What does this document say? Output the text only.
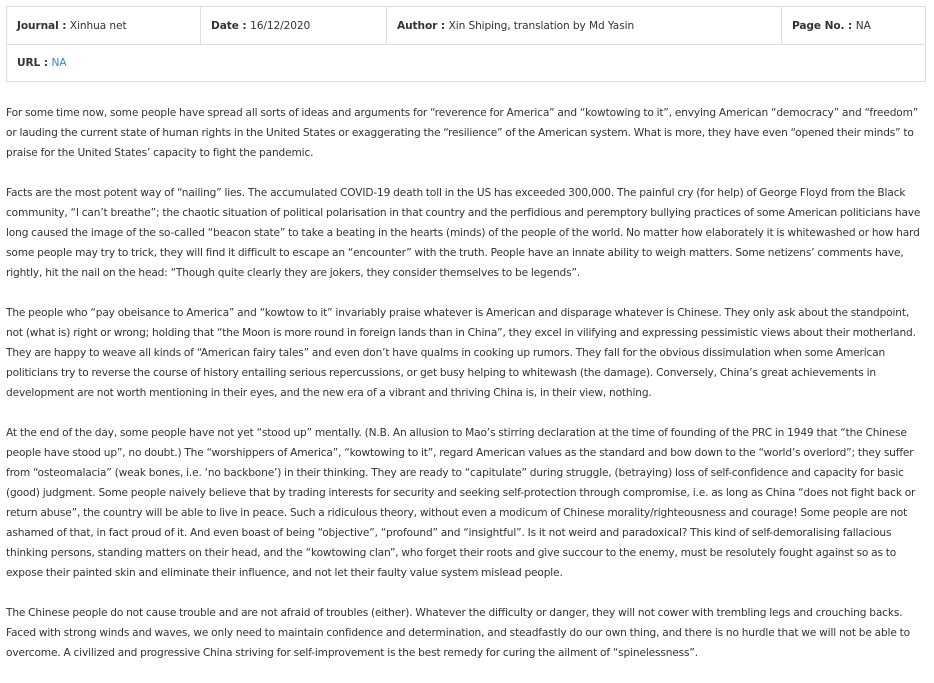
Journal : Xinhua net	Date : 16/12/2020	Author : Xin Shiping, translation by Md Yasin	Page No. : NA
URL : NA

For some time now, some people have spread all sorts of ideas and arguments for “reverence for America” and “kowtowing to it”, envying American “democracy” and “freedom” or lauding the current state of human rights in the United States or exaggerating the “resilience” of the American system. What is more, they have even “opened their minds” to praise for the United States’ capacity to fight the pandemic.

Facts are the most potent way of “nailing” lies. The accumulated COVID-19 death toll in the US has exceeded 300,000. The painful cry (for help) of George Floyd from the Black community, “I can’t breathe”; the chaotic situation of political polarisation in that country and the perfidious and peremptory bullying practices of some American politicians have long caused the image of the so-called “beacon state” to take a beating in the hearts (minds) of the people of the world. No matter how elaborately it is whitewashed or how hard some people may try to trick, they will find it difficult to escape an “encounter” with the truth. People have an innate ability to weigh matters. Some netizens’ comments have, rightly, hit the nail on the head: “Though quite clearly they are jokers, they consider themselves to be legends”.

The people who “pay obeisance to America” and “kowtow to it” invariably praise whatever is American and disparage whatever is Chinese. They only ask about the standpoint, not (what is) right or wrong; holding that “the Moon is more round in foreign lands than in China”, they excel in vilifying and expressing pessimistic views about their motherland. They are happy to weave all kinds of “American fairy tales” and even don’t have qualms in cooking up rumors. They fall for the obvious dissimulation when some American politicians try to reverse the course of history entailing serious repercussions, or get busy helping to whitewash (the damage). Conversely, China’s great achievements in development are not worth mentioning in their eyes, and the new era of a vibrant and thriving China is, in their view, nothing.

At the end of the day, some people have not yet “stood up” mentally. (N.B. An allusion to Mao’s stirring declaration at the time of founding of the PRC in 1949 that “the Chinese people have stood up”, no doubt.) The “worshippers of America”, “kowtowing to it”, regard American values as the standard and bow down to the “world’s overlord”; they suffer from “osteomalacia” (weak bones, i.e. ‘no backbone’) in their thinking. They are ready to “capitulate” during struggle, (betraying) loss of self-confidence and capacity for basic (good) judgment. Some people naively believe that by trading interests for security and seeking self-protection through compromise, i.e. as long as China “does not fight back or return abuse”, the country will be able to live in peace. Such a ridiculous theory, without even a modicum of Chinese morality/righteousness and courage! Some people are not ashamed of that, in fact proud of it. And even boast of being “objective”, “profound” and “insightful”. Is it not weird and paradoxical? This kind of self-demoralising fallacious thinking persons, standing matters on their head, and the “kowtowing clan”, who forget their roots and give succour to the enemy, must be resolutely fought against so as to expose their painted skin and eliminate their influence, and not let their faulty value system mislead people.

The Chinese people do not cause trouble and are not afraid of troubles (either). Whatever the difficulty or danger, they will not cower with trembling legs and crouching backs. Faced with strong winds and waves, we only need to maintain confidence and determination, and steadfastly do our own thing, and there is no hurdle that we will not be able to overcome. A civilized and progressive China striving for self-improvement is the best remedy for curing the ailment of “spinelessness”.
